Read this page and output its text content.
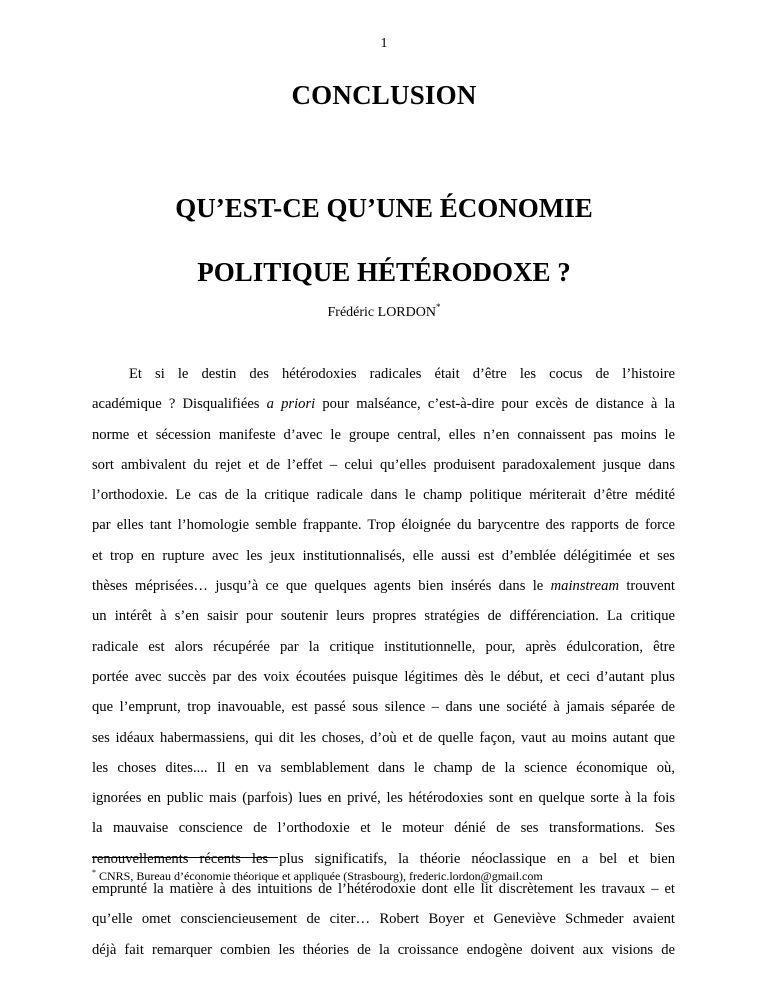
1
CONCLUSION
QU’EST-CE QU’UNE ÉCONOMIE
POLITIQUE HÉTÉRODOXE ?
Frédéric LORDON*
Et si le destin des hétérodoxies radicales était d’être les cocus de l’histoire
académique ? Disqualifiées a priori pour malséance, c’est-à-dire pour excès de distance à la
norme et sécession manifeste d’avec le groupe central, elles n’en connaissent pas moins le
sort ambivalent du rejet et de l’effet – celui qu’elles produisent paradoxalement jusque dans
l’orthodoxie. Le cas de la critique radicale dans le champ politique mériterait d’être médité
par elles tant l’homologie semble frappante. Trop éloignée du barycentre des rapports de force
et trop en rupture avec les jeux institutionnalisés, elle aussi est d’emblée délégitimée et ses
thèses méprisées… jusqu’à ce que quelques agents bien insérés dans le mainstream trouvent
un intérêt à s’en saisir pour soutenir leurs propres stratégies de différenciation. La critique
radicale est alors récupérée par la critique institutionnelle, pour, après édulcoration, être
portée avec succès par des voix écoutées puisque légitimes dès le début, et ceci d’autant plus
que l’emprunt, trop inavouable, est passé sous silence – dans une société à jamais séparée de
ses idéaux habermassiens, qui dit les choses, d’où et de quelle façon, vaut au moins autant que
les choses dites.... Il en va semblablement dans le champ de la science économique où,
ignorées en public mais (parfois) lues en privé, les hétérodoxies sont en quelque sorte à la fois
la mauvaise conscience de l’orthodoxie et le moteur dénié de ses transformations. Ses
renouvellements récents les plus significatifs, la théorie néoclassique en a bel et bien
emprunté la matière à des intuitions de l’hétérodoxie dont elle lit discrètement les travaux – et
qu’elle omet consciencieusement de citer… Robert Boyer et Geneviève Schmeder avaient
déjà fait remarquer combien les théories de la croissance endogène doivent aux visions de
* CNRS, Bureau d’économie théorique et appliquée (Strasbourg), frederic.lordon@gmail.com
